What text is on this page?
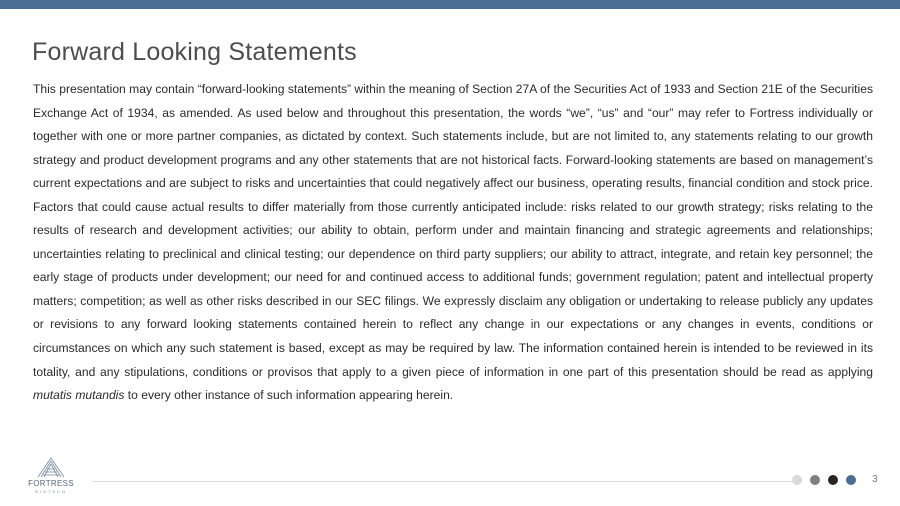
Forward Looking Statements

This presentation may contain “forward-looking statements” within the meaning of Section 27A of the Securities Act of 1933 and Section 21E of the Securities Exchange Act of 1934, as amended. As used below and throughout this presentation, the words “we”, “us” and “our” may refer to Fortress individually or together with one or more partner companies, as dictated by context. Such statements include, but are not limited to, any statements relating to our growth strategy and product development programs and any other statements that are not historical facts. Forward-looking statements are based on management’s current expectations and are subject to risks and uncertainties that could negatively affect our business, operating results, financial condition and stock price. Factors that could cause actual results to differ materially from those currently anticipated include: risks related to our growth strategy; risks relating to the results of research and development activities; our ability to obtain, perform under and maintain financing and strategic agreements and relationships; uncertainties relating to preclinical and clinical testing; our dependence on third party suppliers; our ability to attract, integrate, and retain key personnel; the early stage of products under development; our need for and continued access to additional funds; government regulation; patent and intellectual property matters; competition; as well as other risks described in our SEC filings. We expressly disclaim any obligation or undertaking to release publicly any updates or revisions to any forward looking statements contained herein to reflect any change in our expectations or any changes in events, conditions or circumstances on which any such statement is based, except as may be required by law. The information contained herein is intended to be reviewed in its totality, and any stipulations, conditions or provisos that apply to a given piece of information in one part of this presentation should be read as applying mutatis mutandis to every other instance of such information appearing herein.

FORTRESS
BIOTECH
3
